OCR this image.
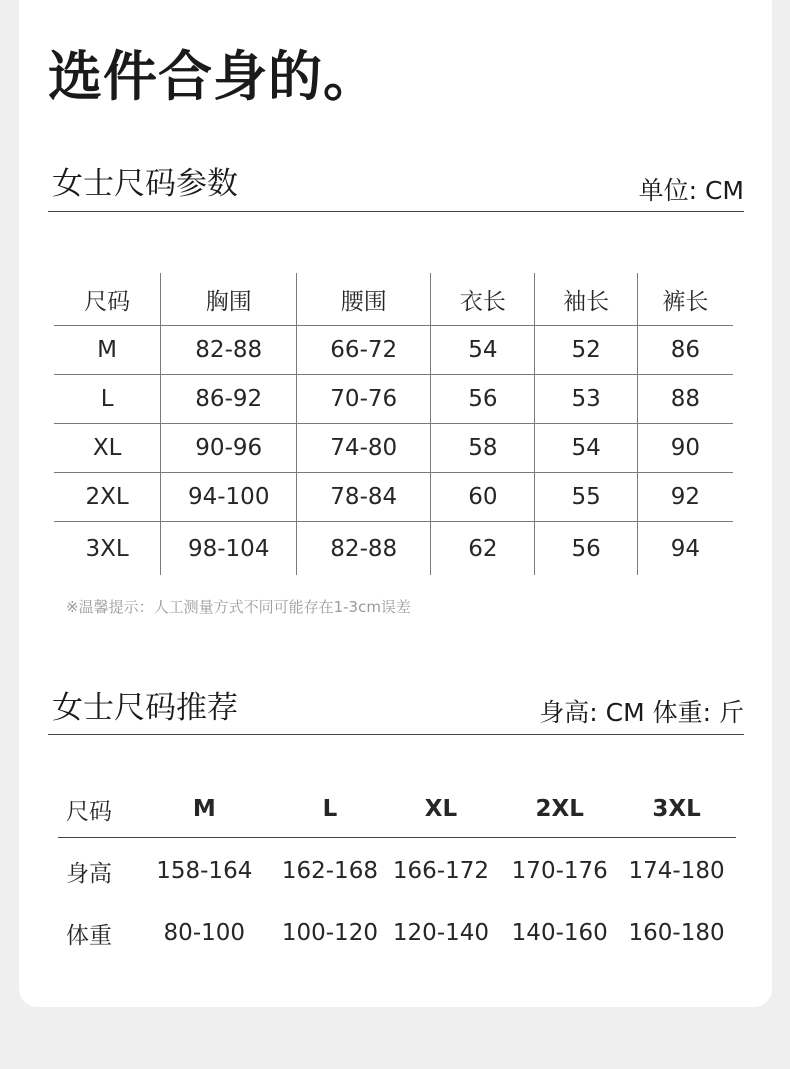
选件合身的。
女士尺码参数	单位: CM
尺码	胸围	腰围	衣长	袖长	裤长
M	82-88	66-72	54	52	86
L	86-92	70-76	56	53	88
XL	90-96	74-80	58	54	90
2XL	94-100	78-84	60	55	92
3XL	98-104	82-88	62	56	94
※温馨提示：人工测量方式不同可能存在1-3cm误差
女士尺码推荐	身高: CM 体重: 斤
尺码	M	L	XL	2XL	3XL
身高	158-164	162-168 166-172 170-176 174-180
体重	80-100	100-120 120-140 140-160 160-180
